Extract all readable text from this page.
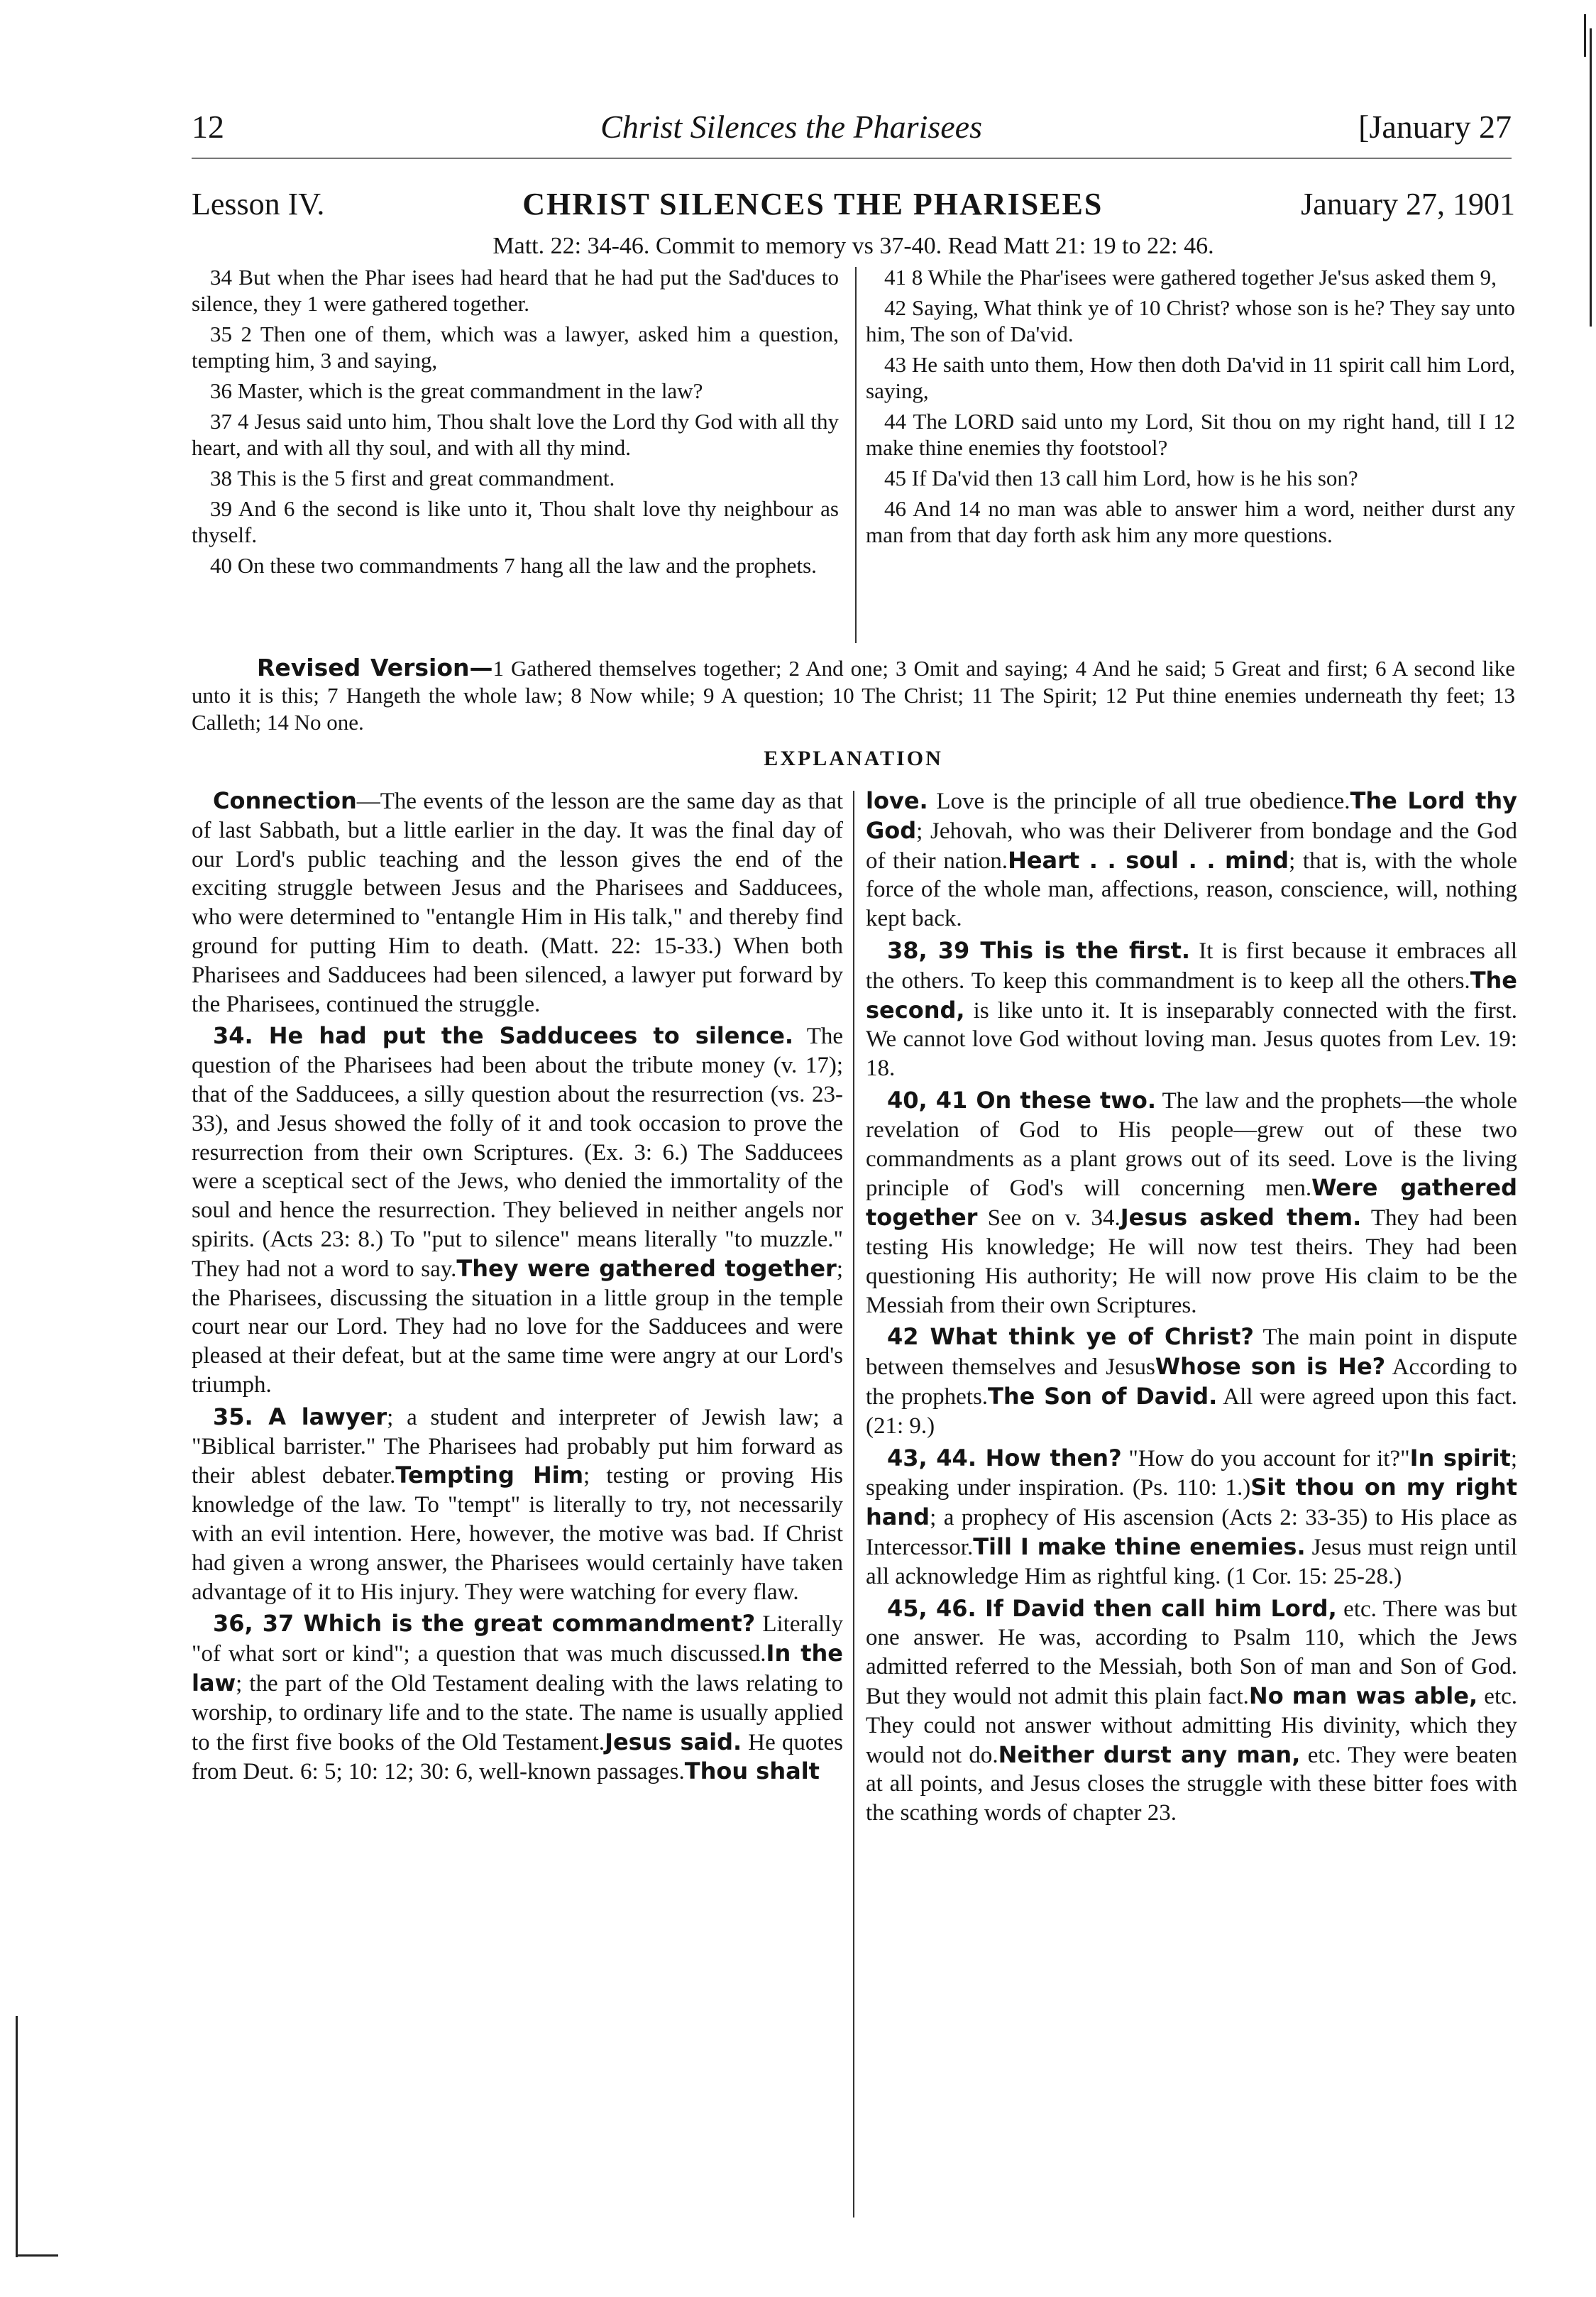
12	Christ Silences the Pharisees	[January 27
Lesson IV.	CHRIST SILENCES THE PHARISEES	January 27, 1901
Matt. 22: 34-46. Commit to memory vs 37-40. Read Matt 21: 19 to 22: 46.

34 But when the Phar isees had heard that he had put the Sad'duces to silence, they 1 were gathered together.

35 2 Then one of them, which was a lawyer, asked him a question, tempting him, 3 and saying,

36 Master, which is the great commandment in the law?

37 4 Jesus said unto him, Thou shalt love the Lord thy God with all thy heart, and with all thy soul, and with all thy mind.

38 This is the 5 first and great commandment.

39 And 6 the second is like unto it, Thou shalt love thy neighbour as thyself.

40 On these two commandments 7 hang all the law and the prophets.

41 8 While the Phar'isees were gathered together Je'sus asked them 9,

42 Saying, What think ye of 10 Christ? whose son is he? They say unto him, The son of Da'vid.

43 He saith unto them, How then doth Da'vid in 11 spirit call him Lord, saying,

44 The LORD said unto my Lord, Sit thou on my right hand, till I 12 make thine enemies thy footstool?

45 If Da'vid then 13 call him Lord, how is he his son?

46 And 14 no man was able to answer him a word, neither durst any man from that day forth ask him any more questions.

Revised Version—1 Gathered themselves together; 2 And one; 3 Omit and saying; 4 And he said; 5 Great and first; 6 A second like unto it is this; 7 Hangeth the whole law; 8 Now while; 9 A question; 10 The Christ; 11 The Spirit; 12 Put thine enemies underneath thy feet; 13 Calleth; 14 No one.
EXPLANATION

Connection—The events of the lesson are the same day as that of last Sabbath, but a little earlier in the day. It was the final day of our Lord's public teaching and the lesson gives the end of the exciting struggle between Jesus and the Pharisees and Sadducees, who were determined to "entangle Him in His talk," and thereby find ground for putting Him to death. (Matt. 22: 15-33.) When both Pharisees and Sadducees had been silenced, a lawyer put forward by the Pharisees, continued the struggle.

34. He had put the Sadducees to silence. The question of the Pharisees had been about the tribute money (v. 17); that of the Sadducees, a silly question about the resurrection (vs. 23-33), and Jesus showed the folly of it and took occasion to prove the resurrection from their own Scriptures. (Ex. 3: 6.) The Sadducees were a sceptical sect of the Jews, who denied the immortality of the soul and hence the resurrection. They believed in neither angels nor spirits. (Acts 23: 8.) To "put to silence" means literally "to muzzle." They had not a word to say.They were gathered together; the Pharisees, discussing the situation in a little group in the temple court near our Lord. They had no love for the Sadducees and were pleased at their defeat, but at the same time were angry at our Lord's triumph.

35. A lawyer; a student and interpreter of Jewish law; a "Biblical barrister." The Pharisees had probably put him forward as their ablest debater.Tempting Him; testing or proving His knowledge of the law. To "tempt" is literally to try, not necessarily with an evil intention. Here, however, the motive was bad. If Christ had given a wrong answer, the Pharisees would certainly have taken advantage of it to His injury. They were watching for every flaw.

36, 37 Which is the great commandment? Literally "of what sort or kind"; a question that was much discussed.In the law; the part of the Old Testament dealing with the laws relating to worship, to ordinary life and to the state. The name is usually applied to the first five books of the Old Testament.Jesus said. He quotes from Deut. 6: 5; 10: 12; 30: 6, well-known passages.Thou shalt

love. Love is the principle of all true obedience.The Lord thy God; Jehovah, who was their Deliverer from bondage and the God of their nation.Heart . . soul . . mind; that is, with the whole force of the whole man, affections, reason, conscience, will, nothing kept back.

38, 39 This is the first. It is first because it embraces all the others. To keep this commandment is to keep all the others.The second, is like unto it. It is inseparably connected with the first. We cannot love God without loving man. Jesus quotes from Lev. 19: 18.

40, 41 On these two. The law and the prophets—the whole revelation of God to His people—grew out of these two commandments as a plant grows out of its seed. Love is the living principle of God's will concerning men.Were gathered together See on v. 34.Jesus asked them. They had been testing His knowledge; He will now test theirs. They had been questioning His authority; He will now prove His claim to be the Messiah from their own Scriptures.

42 What think ye of Christ? The main point in dispute between themselves and JesusWhose son is He? According to the prophets.The Son of David. All were agreed upon this fact. (21: 9.)

43, 44. How then? "How do you account for it?"In spirit; speaking under inspiration. (Ps. 110: 1.)Sit thou on my right hand; a prophecy of His ascension (Acts 2: 33-35) to His place as Intercessor.Till I make thine enemies. Jesus must reign until all acknowledge Him as rightful king. (1 Cor. 15: 25-28.)

45, 46. If David then call him Lord, etc. There was but one answer. He was, according to Psalm 110, which the Jews admitted referred to the Messiah, both Son of man and Son of God. But they would not admit this plain fact.No man was able, etc. They could not answer without admitting His divinity, which they would not do.Neither durst any man, etc. They were beaten at all points, and Jesus closes the struggle with these bitter foes with the scathing words of chapter 23.
